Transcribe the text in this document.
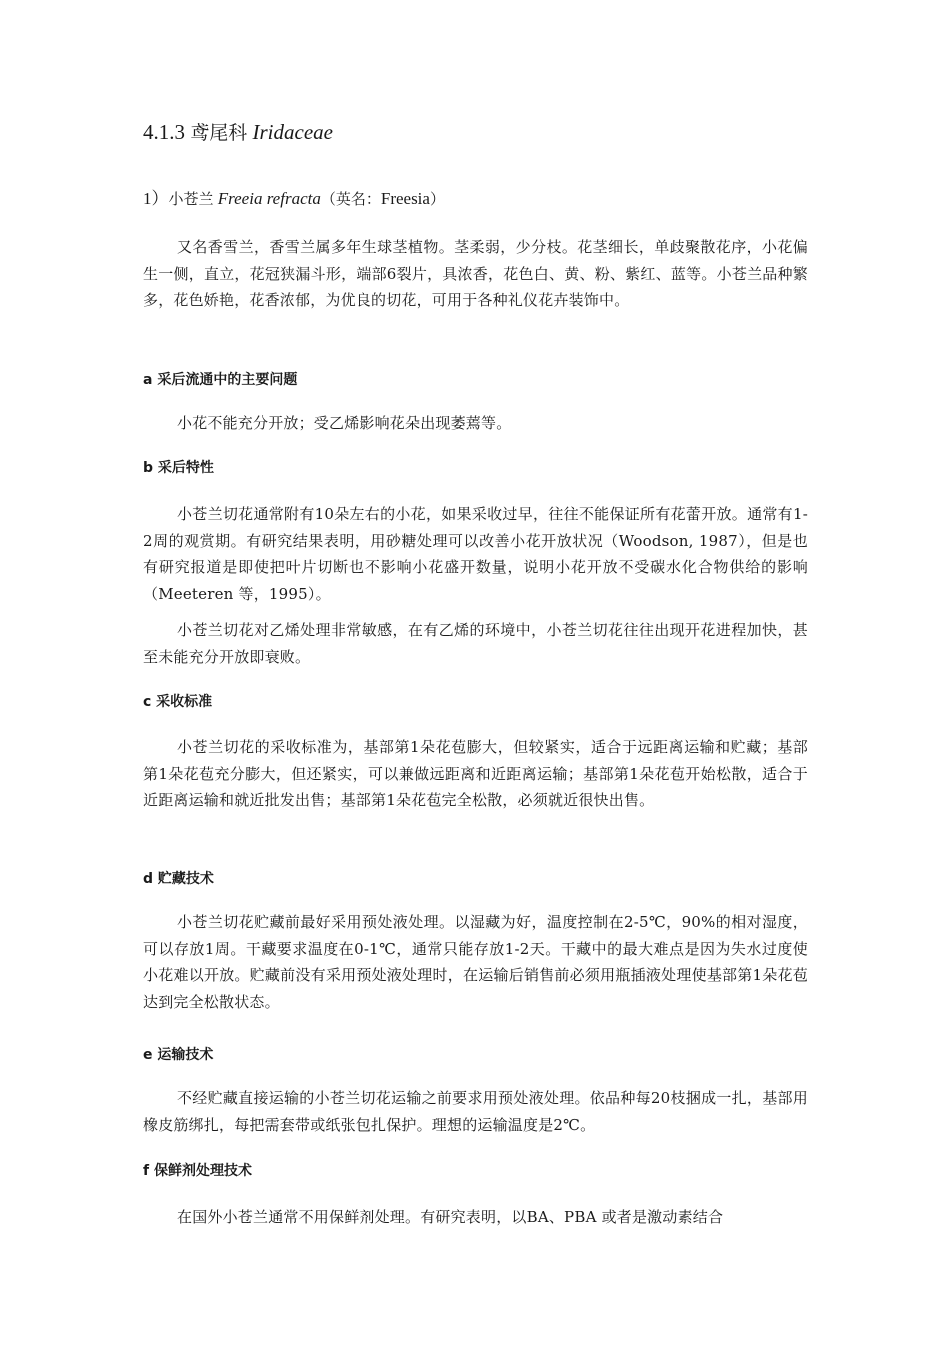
4.1.3 鸢尾科 Iridaceae
1）小苍兰 Freeia refracta（英名：Freesia）

又名香雪兰，香雪兰属多年生球茎植物。茎柔弱，少分枝。花茎细长，单歧聚散花序，小花偏生一侧，直立，花冠狭漏斗形，端部6裂片，具浓香，花色白、黄、粉、紫红、蓝等。小苍兰品种繁多，花色娇艳，花香浓郁，为优良的切花，可用于各种礼仪花卉装饰中。

a 采后流通中的主要问题

小花不能充分开放；受乙烯影响花朵出现萎蔫等。

b 采后特性

小苍兰切花通常附有10朵左右的小花，如果采收过早，往往不能保证所有花蕾开放。通常有1-2周的观赏期。有研究结果表明，用砂糖处理可以改善小花开放状况（Woodson, 1987），但是也有研究报道是即使把叶片切断也不影响小花盛开数量，说明小花开放不受碳水化合物供给的影响（Meeteren 等，1995）。

小苍兰切花对乙烯处理非常敏感，在有乙烯的环境中，小苍兰切花往往出现开花进程加快，甚至未能充分开放即衰败。

c 采收标准

小苍兰切花的采收标准为，基部第1朵花苞膨大，但较紧实，适合于远距离运输和贮藏；基部第1朵花苞充分膨大，但还紧实，可以兼做远距离和近距离运输；基部第1朵花苞开始松散，适合于近距离运输和就近批发出售；基部第1朵花苞完全松散，必须就近很快出售。

d 贮藏技术

小苍兰切花贮藏前最好采用预处液处理。以湿藏为好，温度控制在2-5℃，90%的相对湿度，可以存放1周。干藏要求温度在0-1℃，通常只能存放1-2天。干藏中的最大难点是因为失水过度使小花难以开放。贮藏前没有采用预处液处理时，在运输后销售前必须用瓶插液处理使基部第1朵花苞达到完全松散状态。

e 运输技术

不经贮藏直接运输的小苍兰切花运输之前要求用预处液处理。依品种每20枝捆成一扎，基部用橡皮筋绑扎，每把需套带或纸张包扎保护。理想的运输温度是2℃。

f 保鲜剂处理技术

在国外小苍兰通常不用保鲜剂处理。有研究表明，以BA、PBA 或者是激动素结合
